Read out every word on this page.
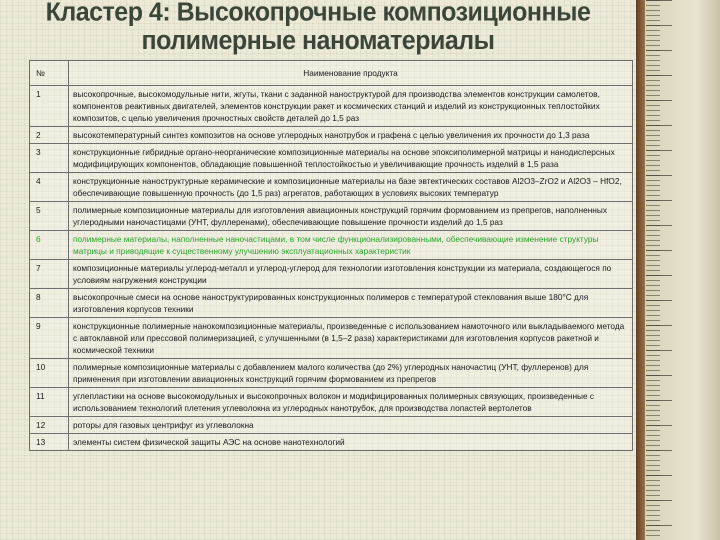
Кластер 4: Высокопрочные композиционные
полимерные наноматериалы
№	Наименование продукта
1	высокопрочные, высокомодульные нити, жгуты, ткани с заданной наноструктурой для производства элементов конструкции самолетов, компонентов реактивных двигателей, элементов конструкции ракет и космических станций и изделий из конструкционных теплостойких композитов, с целью увеличения прочностных свойств деталей до 1,5 раз
2	высокотемпературный синтез композитов на основе углеродных нанотрубок и графена с целью увеличения их прочности до 1,3 раза
3	конструкционные гибридные органо-неорганические композиционные материалы на основе эпоксиполимерной матрицы и нанодисперсных модифицирующих компонентов, обладающие повышенной теплостойкостью и увеличивающие прочность изделий в 1,5 раза
4	конструкционные наноструктурные керамические и композиционные материалы на базе эвтектических составов Al2O3–ZrO2 и Al2O3 – HfO2, обеспечивающие повышенную прочность (до 1,5 раз) агрегатов, работающих в условиях высоких температур
5	полимерные композиционные материалы для изготовления авиационных конструкций горячим формованием из препрегов, наполненных углеродными наночастицами (УНТ, фуллеренами), обеспечивающие повышение прочности изделий до 1,5 раз
6	полимерные материалы, наполненные наночастицами, в том числе функционализированными, обеспечивающие изменение структуры матрицы и приводящие к существенному улучшению эксплуатационных характеристик
7	композиционные материалы углерод-металл и углерод-углерод для технологии изготовления конструкции из материала, создающегося по условиям нагружения конструкции
8	высокопрочные смеси на основе наноструктурированных конструкционных полимеров с температурой стеклования выше 180°С для изготовления корпусов техники
9	конструкционные полимерные нанокомпозиционные материалы, произведенные с использованием намоточного или выкладываемого метода с автоклавной или прессовой полимеризацией, с улучшенными (в 1,5–2 раза) характеристиками для изготовления корпусов ракетной и космической техники
10	полимерные композиционные материалы с добавлением малого количества (до 2%) углеродных наночастиц (УНТ, фуллеренов) для применения при изготовлении авиационных конструкций горячим формованием из препрегов
11	углепластики на основе высокомодульных и высокопрочных волокон и модифицированных полимерных связующих, произведенные с использованием технологий плетения углеволокна из углеродных нанотрубок, для производства лопастей вертолетов
12	роторы для газовых центрифуг из углеволокна
13	элементы систем физической защиты АЭС на основе нанотехнологий
